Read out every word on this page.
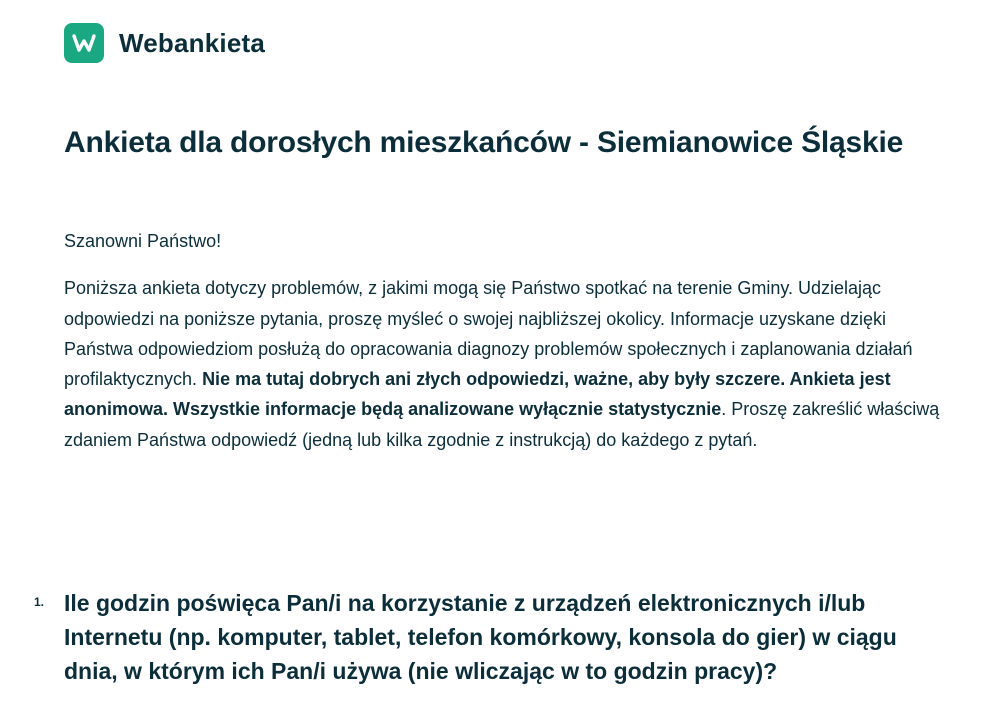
Webankieta
Ankieta dla dorosłych mieszkańców - Siemianowice Śląskie

Szanowni Państwo!

Poniższa ankieta dotyczy problemów, z jakimi mogą się Państwo spotkać na terenie Gminy. Udzielając odpowiedzi na poniższe pytania, proszę myśleć o swojej najbliższej okolicy. Informacje uzyskane dzięki Państwa odpowiedziom posłużą do opracowania diagnozy problemów społecznych i zaplanowania działań profilaktycznych. Nie ma tutaj dobrych ani złych odpowiedzi, ważne, aby były szczere. Ankieta jest anonimowa. Wszystkie informacje będą analizowane wyłącznie statystycznie. Proszę zakreślić właściwą zdaniem Państwa odpowiedź (jedną lub kilka zgodnie z instrukcją) do każdego z pytań.

1. Ile godzin poświęca Pan/i na korzystanie z urządzeń elektronicznych i/lub Internetu (np. komputer, tablet, telefon komórkowy, konsola do gier) w ciągu dnia, w którym ich Pan/i używa (nie wliczając w to godzin pracy)?
